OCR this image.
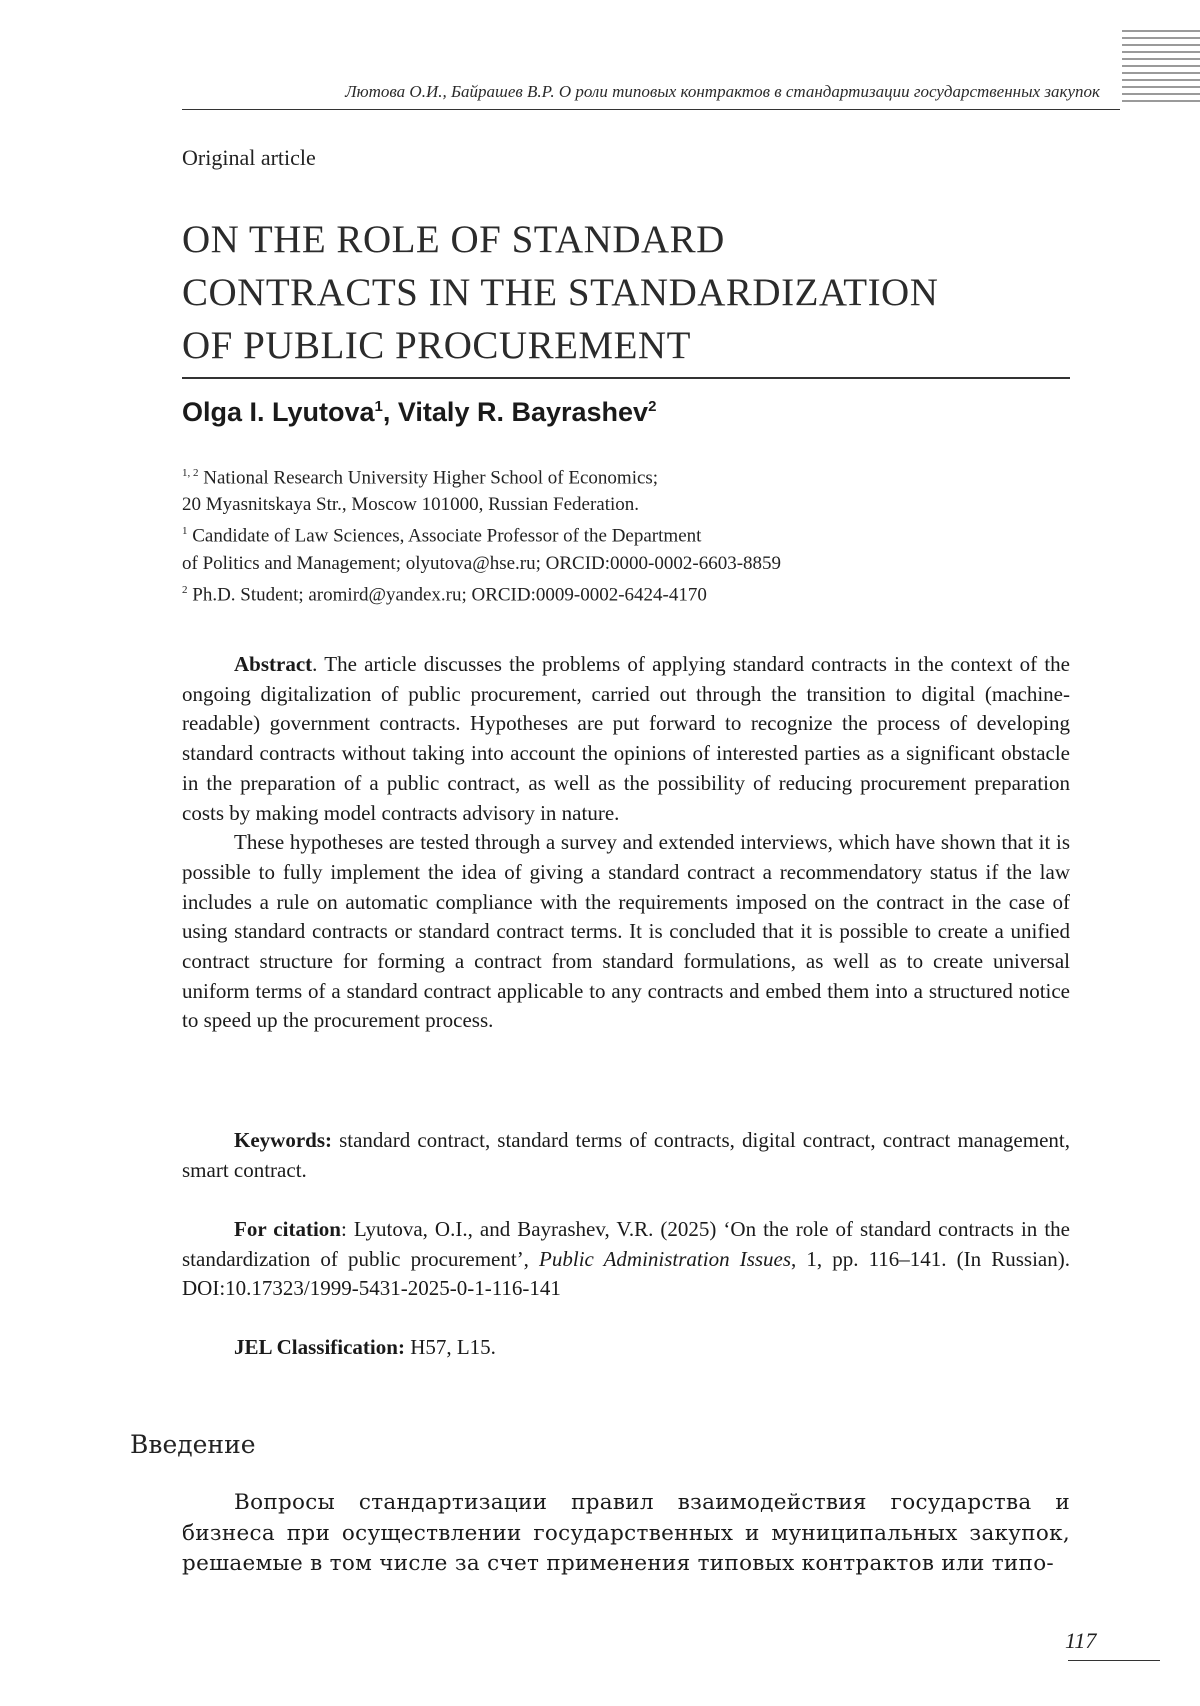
Лютова О.И., Байрашев В.Р. О роли типовых контрактов в стандартизации государственных закупок
Original article
ON THE ROLE OF STANDARD
CONTRACTS IN THE STANDARDIZATION
OF PUBLIC PROCUREMENT
Olga I. Lyutova$^1$, Vitaly R. Bayrashev$^2$
$^{1, 2}$ National Research University Higher School of Economics;
20 Myasnitskaya Str., Moscow 101000, Russian Federation.
$^1$ Candidate of Law Sciences, Associate Professor of the Department
of Politics and Management; olyutova@hse.ru; ORCID:0000-0002-6603-8859
$^2$ Ph.D. Student; aromird@yandex.ru; ORCID:0009-0002-6424-4170

Abstract. The article discusses the problems of applying standard contracts in the context of the ongoing digitalization of public procurement, carried out through the transition to digital (machine-readable) government contracts. Hypotheses are put forward to recognize the process of developing standard contracts without taking into account the opinions of interested parties as a significant obstacle in the preparation of a public contract, as well as the possibility of reducing procurement preparation costs by making model contracts advisory in nature.

These hypotheses are tested through a survey and extended interviews, which have shown that it is possible to fully implement the idea of giving a standard contract a recommendatory status if the law includes a rule on automatic compliance with the requirements imposed on the contract in the case of using standard contracts or standard contract terms. It is concluded that it is possible to create a unified contract structure for forming a contract from standard formulations, as well as to create universal uniform terms of a standard contract applicable to any contracts and embed them into a structured notice to speed up the procurement process.

Keywords: standard contract, standard terms of contracts, digital contract, contract management, smart contract.

For citation: Lyutova, O.I., and Bayrashev, V.R. (2025) ‘On the role of standard contracts in the standardization of public procurement’, Public Administration Issues, 1, pp. 116–141. (In Russian). DOI:10.17323/1999-5431-2025-0-1-116-141

JEL Classification: H57, L15.

Введение

Вопросы стандартизации правил взаимодействия государства и бизнеса при осуществлении государственных и муниципальных закупок, решаемые в том числе за счет применения типовых контрактов или типо-

117
